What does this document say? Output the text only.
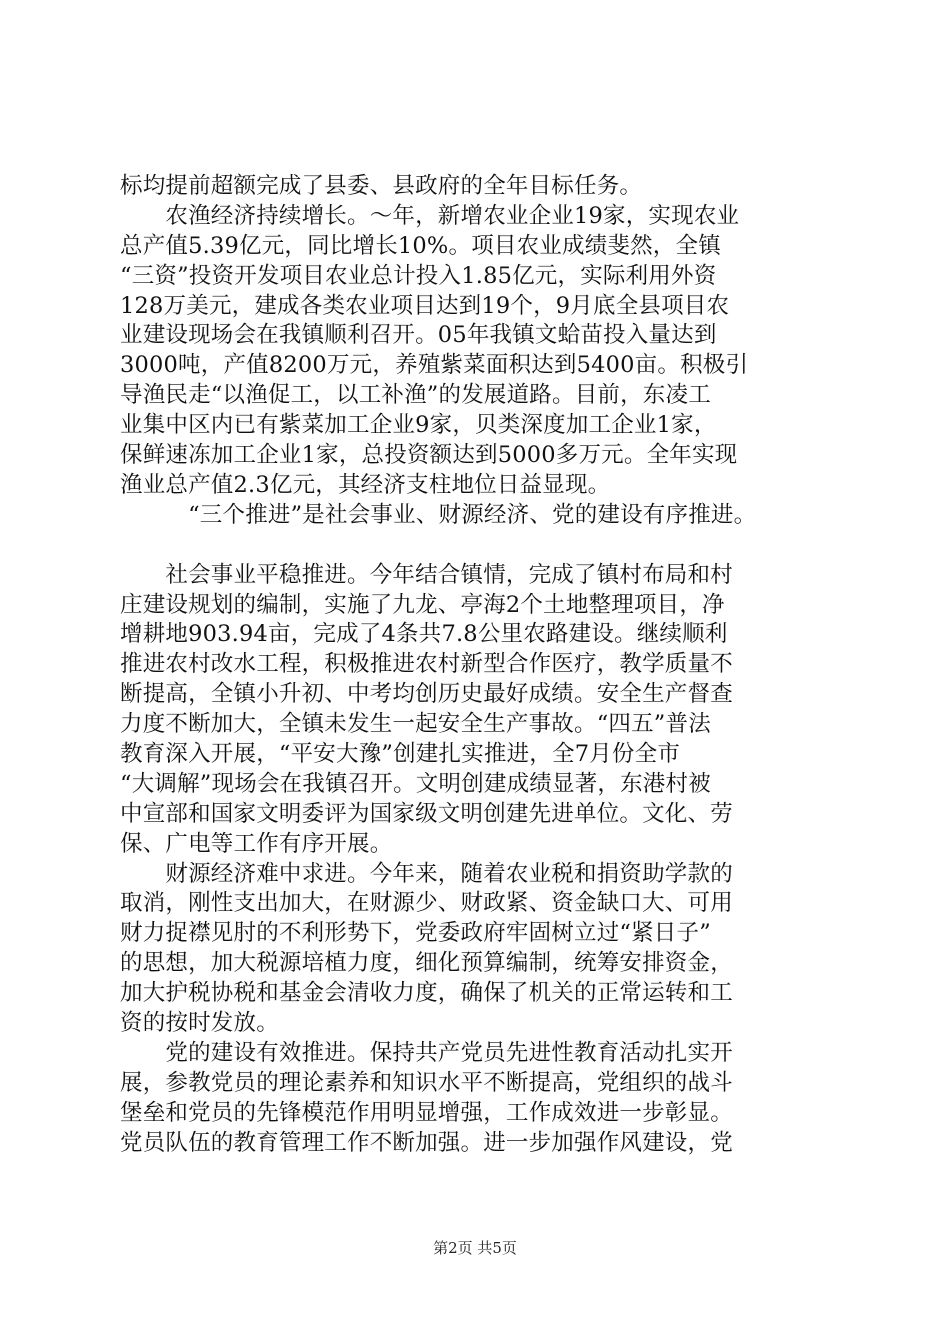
标均提前超额完成了县委、县政府的全年目标任务。
　　农渔经济持续增长。～年，新增农业企业19家，实现农业
总产值5.39亿元，同比增长10%。项目农业成绩斐然，全镇
“三资”投资开发项目农业总计投入1.85亿元，实际利用外资
128万美元，建成各类农业项目达到19个，9月底全县项目农
业建设现场会在我镇顺利召开。05年我镇文蛤苗投入量达到
3000吨，产值8200万元，养殖紫菜面积达到5400亩。积极引
导渔民走“以渔促工，以工补渔”的发展道路。目前，东凌工
业集中区内已有紫菜加工企业9家，贝类深度加工企业1家，
保鲜速冻加工企业1家，总投资额达到5000多万元。全年实现
渔业总产值2.3亿元，其经济支柱地位日益显现。
　　　“三个推进”是社会事业、财源经济、党的建设有序推进。
　　社会事业平稳推进。今年结合镇情，完成了镇村布局和村
庄建设规划的编制，实施了九龙、亭海2个土地整理项目，净
增耕地903.94亩，完成了4条共7.8公里农路建设。继续顺利
推进农村改水工程，积极推进农村新型合作医疗，教学质量不
断提高，全镇小升初、中考均创历史最好成绩。安全生产督查
力度不断加大，全镇未发生一起安全生产事故。“四五”普法
教育深入开展，“平安大豫”创建扎实推进，全7月份全市
“大调解”现场会在我镇召开。文明创建成绩显著，东港村被
中宣部和国家文明委评为国家级文明创建先进单位。文化、劳
保、广电等工作有序开展。
　　财源经济难中求进。今年来，随着农业税和捐资助学款的
取消，刚性支出加大，在财源少、财政紧、资金缺口大、可用
财力捉襟见肘的不利形势下，党委政府牢固树立过“紧日子”
的思想，加大税源培植力度，细化预算编制，统筹安排资金，
加大护税协税和基金会清收力度，确保了机关的正常运转和工
资的按时发放。
　　党的建设有效推进。保持共产党员先进性教育活动扎实开
展，参教党员的理论素养和知识水平不断提高，党组织的战斗
堡垒和党员的先锋模范作用明显增强，工作成效进一步彰显。
党员队伍的教育管理工作不断加强。进一步加强作风建设，党
第2页 共5页
